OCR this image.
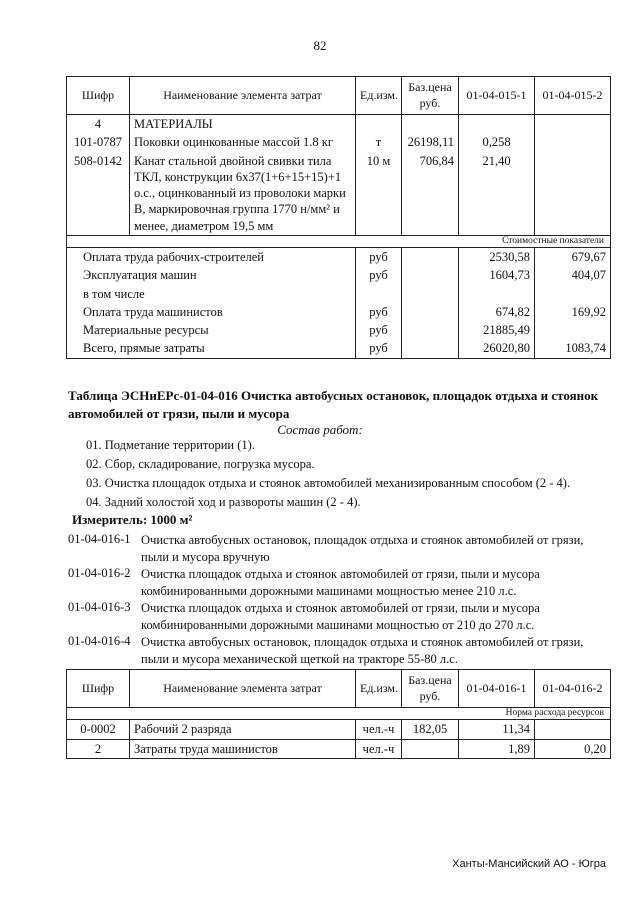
82
Шифр	Наименование элемента затрат	Ед.изм.	Баз.цена руб.	01-04-015-1	01-04-015-2
4	МАТЕРИАЛЫ				
101-0787	Поковки оцинкованные массой 1.8 кг	т	26198,11	0,258	
508-0142	Канат стальной двойной свивки тила ТКЛ, конструкции 6х37(1+6+15+15)+1 о.с., оцинкованный из проволоки марки В, маркировочная группа 1770 н/мм² и менее, диаметром 19,5 мм	10 м	706,84	21,40	
				Стоимостные показатели	
Оплата труда рабочих-строителей		руб		2530,58	679,67
Эксплуатация машин		руб		1604,73	404,07
в том числе					
Оплата труда машинистов		руб		674,82	169,92
Материальные ресурсы		руб		21885,49	
Всего, прямые затраты		руб		26020,80	1083,74
Таблица ЭСНиЕРс-01-04-016 Очистка автобусных остановок, площадок отдыха и стоянок автомобилей от грязи, пыли и мусора
Состав работ:
01. Подметание территории (1).
02. Сбор, складирование, погрузка мусора.
03. Очистка площадок отдыха и стоянок автомобилей механизированным способом (2 - 4).
04. Задний холостой ход и развороты машин (2 - 4).
Измеритель: 1000 м²
01-04-016-1 Очистка автобусных остановок, площадок отдыха и стоянок автомобилей от грязи, пыли и мусора вручную
01-04-016-2 Очистка площадок отдыха и стоянок автомобилей от грязи, пыли и мусора комбинированными дорожными машинами мощностью менее 210 л.с.
01-04-016-3 Очистка площадок отдыха и стоянок автомобилей от грязи, пыли и мусора комбинированными дорожными машинами мощностью от 210 до 270 л.с.
01-04-016-4 Очистка автобусных остановок, площадок отдыха и стоянок автомобилей от грязи, пыли и мусора механической щеткой на тракторе 55-80 л.с.
Шифр	Наименование элемента затрат	Ед.изм.	Баз.цена руб.	01-04-016-1	01-04-016-2
				Норма расхода ресурсов	
0-0002	Рабочий 2 разряда	чел.-ч	182,05	11,34	
2	Затраты труда машинистов	чел.-ч		1,89	0,20
Ханты-Мансийский АО - Югра
